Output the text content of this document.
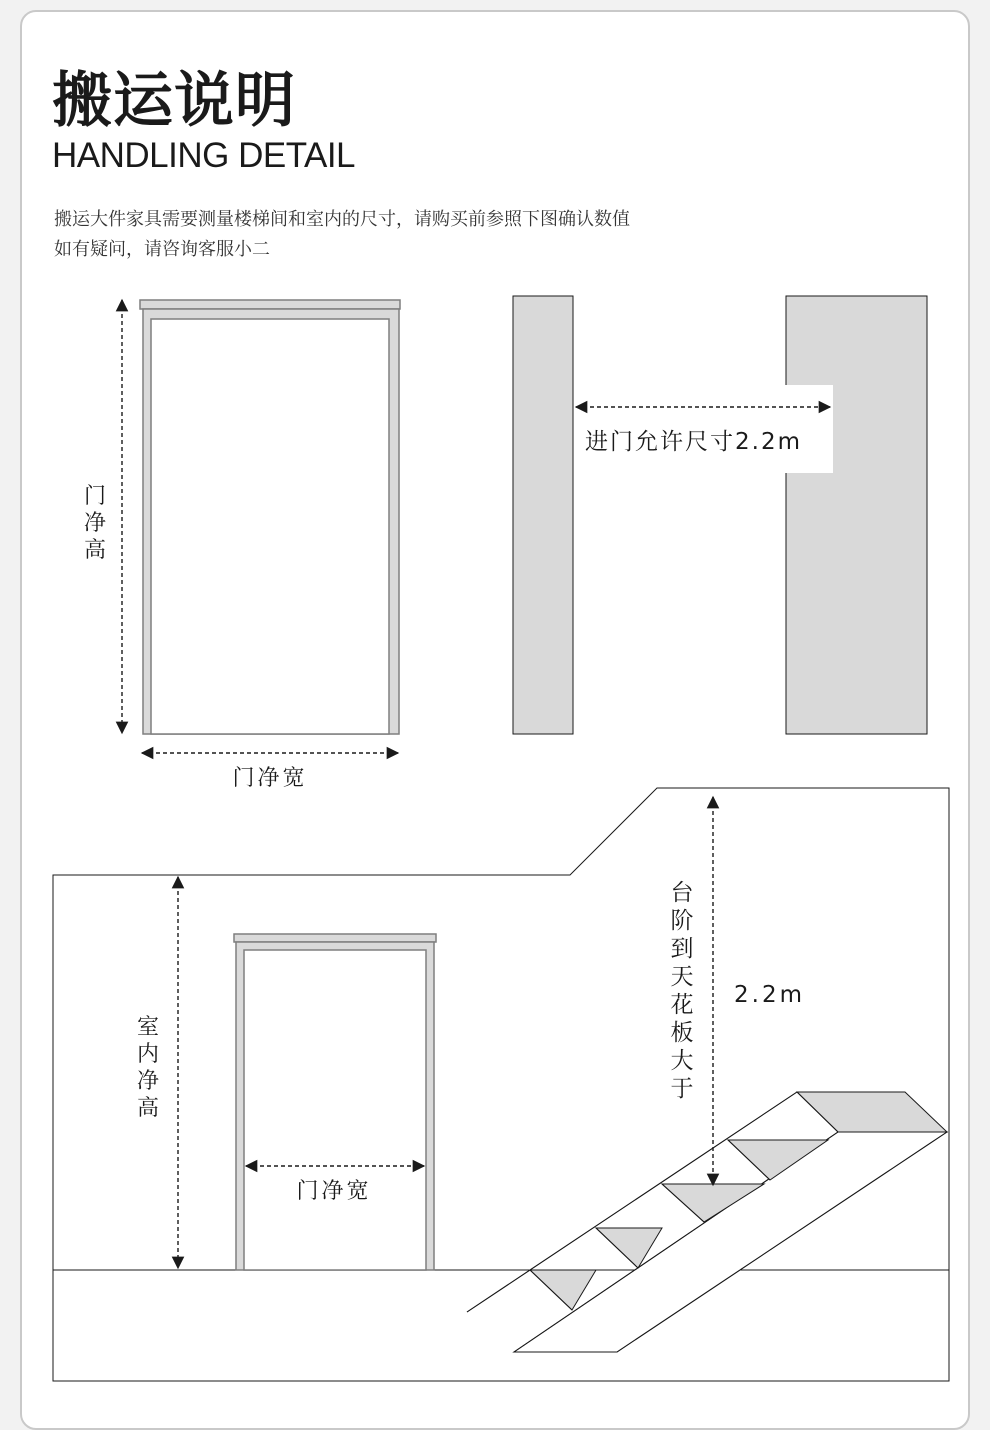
搬运说明
HANDLING DETAIL
搬运大件家具需要测量楼梯间和室内的尺寸，请购买前参照下图确认数值
如有疑问，请咨询客服小二
门
净
高
门净宽
进门允许尺寸2.2m
门净宽
室
内
净
高
台
阶
到
天
花
板
大
于
2.2m
